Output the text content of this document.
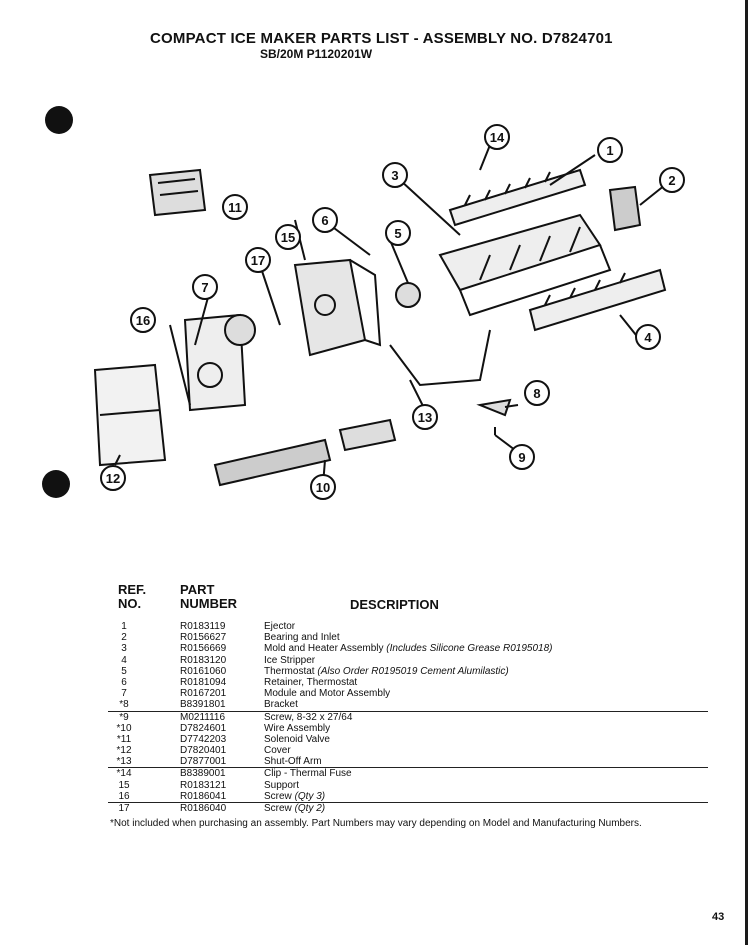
COMPACT ICE MAKER PARTS LIST - ASSEMBLY NO. D7824701
SB/20M P1120201W
1
2
3
4
5
6
7
8
9
10
11
12
13
14
15
16
17
REF.
NO.
PART
NUMBER	DESCRIPTION
1	R0183119	Ejector
2	R0156627	Bearing and Inlet
3	R0156669	Mold and Heater Assembly (Includes Silicone Grease R0195018)
4	R0183120	Ice Stripper
5	R0161060	Thermostat (Also Order R0195019 Cement Alumilastic)
6	R0181094	Retainer, Thermostat
7	R0167201	Module and Motor Assembly
*8	B8391801	Bracket
*9	M0211116	Screw, 8-32 x 27/64
*10	D7824601	Wire Assembly
*11	D7742203	Solenoid Valve
*12	D7820401	Cover
*13	D7877001	Shut-Off Arm
*14	B8389001	Clip - Thermal Fuse
15	R0183121	Support
16	R0186041	Screw (Qty 3)
17	R0186040	Screw (Qty 2)
*Not included when purchasing an assembly. Part Numbers may vary depending on Model and Manufacturing Numbers.
43
